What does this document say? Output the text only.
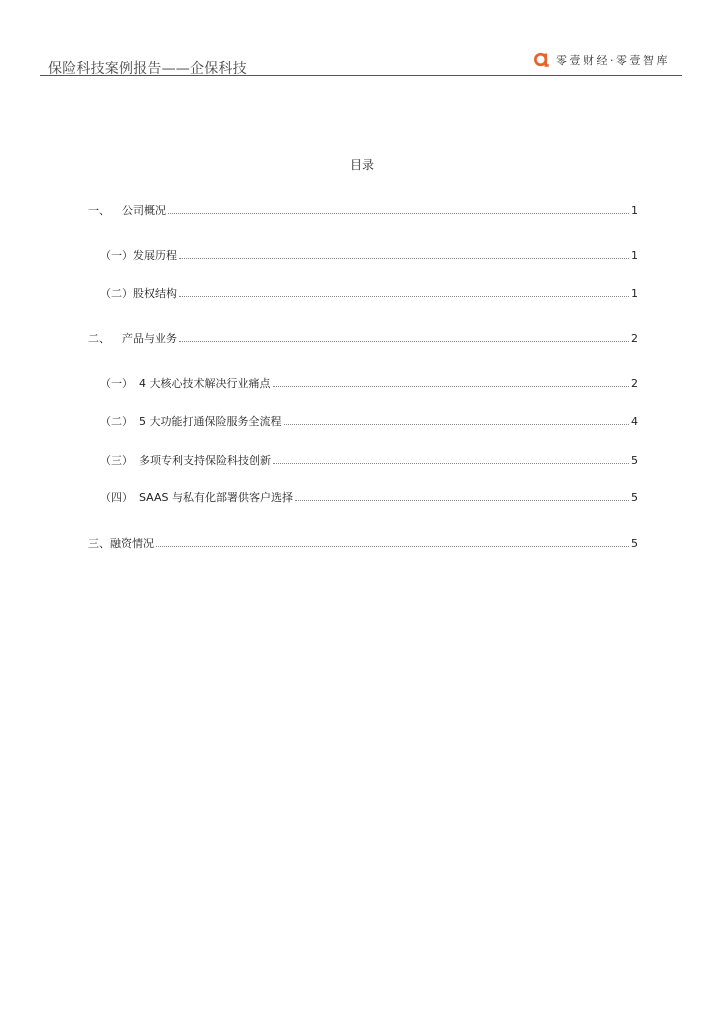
保险科技案例报告——企保科技
零壹财经·零壹智库
目录
一、 公司概况	1
（一） 发展历程	1
（二） 股权结构	1
二、 产品与业务	2
（一） 4 大核心技术解决行业痛点	2
（二） 5 大功能打通保险服务全流程	4
（三） 多项专利支持保险科技创新	5
（四） SAAS 与私有化部署供客户选择	5
三、 融资情况	5
